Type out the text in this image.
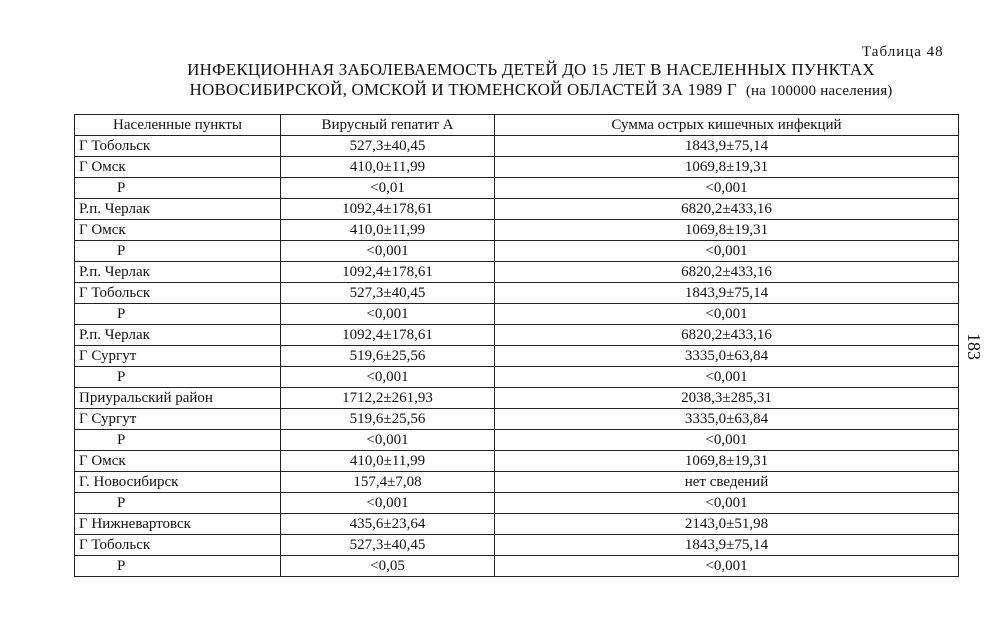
Таблица 48
ИНФЕКЦИОННАЯ ЗАБОЛЕВАЕМОСТЬ ДЕТЕЙ ДО 15 ЛЕТ В НАСЕЛЕННЫХ ПУНКТАХ
НОВОСИБИРСКОЙ, ОМСКОЙ И ТЮМЕНСКОЙ ОБЛАСТЕЙ ЗА 1989 Г (на 100000 населения)
183
Населенные пункты	Вирусный гепатит А	Сумма острых кишечных инфекций
Г Тобольск	527,3±40,45	1843,9±75,14
Г Омск	410,0±11,99	1069,8±19,31
Р	<0,01	<0,001
Р.п. Черлак	1092,4±178,61	6820,2±433,16
Г Омск	410,0±11,99	1069,8±19,31
Р	<0,001	<0,001
Р.п. Черлак	1092,4±178,61	6820,2±433,16
Г Тобольск	527,3±40,45	1843,9±75,14
Р	<0,001	<0,001
Р.п. Черлак	1092,4±178,61	6820,2±433,16
Г Сургут	519,6±25,56	3335,0±63,84
Р	<0,001	<0,001
Приуральский район	1712,2±261,93	2038,3±285,31
Г Сургут	519,6±25,56	3335,0±63,84
Р	<0,001	<0,001
Г Омск	410,0±11,99	1069,8±19,31
Г. Новосибирск	157,4±7,08	нет сведений
Р	<0,001	<0,001
Г Нижневартовск	435,6±23,64	2143,0±51,98
Г Тобольск	527,3±40,45	1843,9±75,14
Р	<0,05	<0,001
